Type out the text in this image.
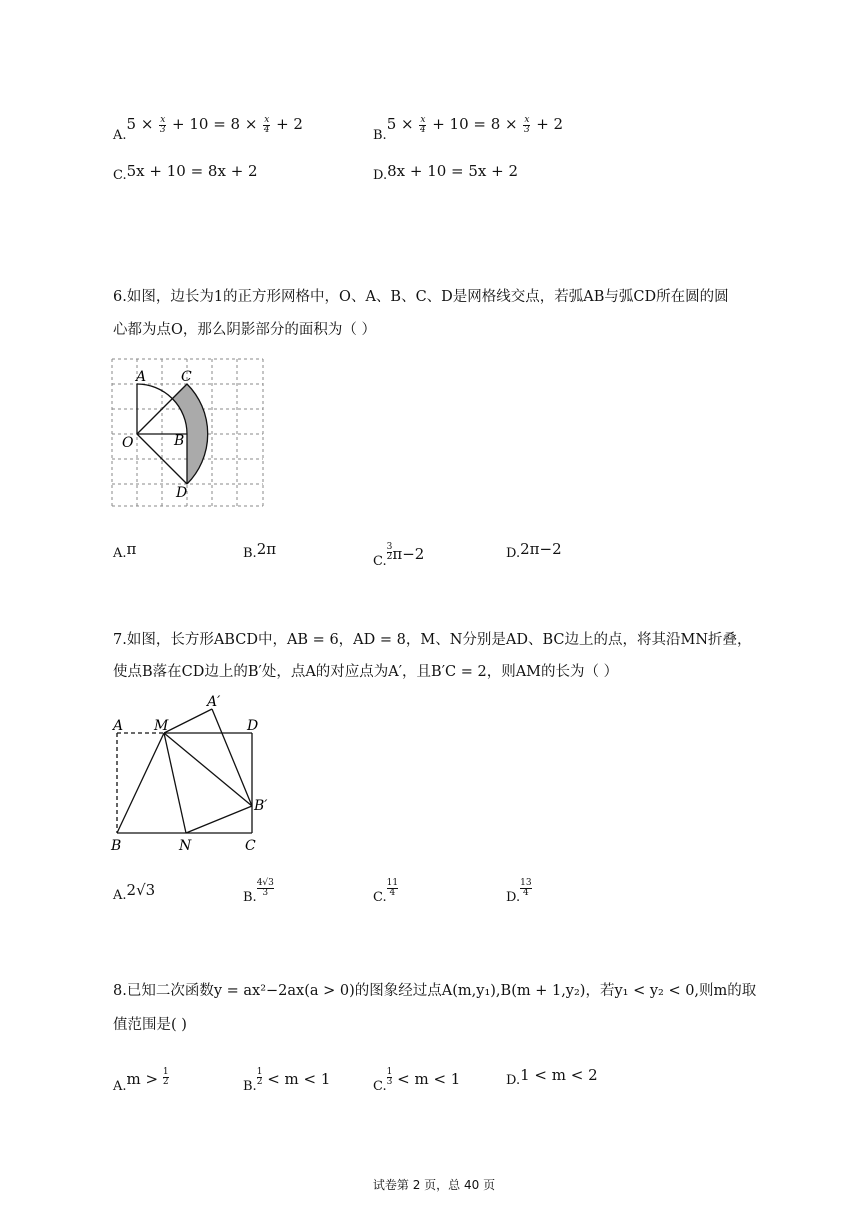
$A.5 \times \frac{x}{3} + 10 = 8 \times \frac{x}{4} + 2$
$B.5 \times \frac{x}{4} + 10 = 8 \times \frac{x}{3} + 2$
C.5x + 10 = 8x + 2	D.8x + 10 = 5x + 2
6.如图，边长为1的正方形网格中，O、A、B、C、D是网格线交点，若弧AB与弧CD所在圆的圆
心都为点O，那么阴影部分的面积为（ ）
A C
O	B
D
A.π	B.2π
C. $\frac{3}{2} \pi-2$	D.2π−2
7.如图，长方形ABCD中，AB = 6，AD = 8，M、N分别是AD、BC边上的点，将其沿MN折叠，
使点B落在CD边上的B′处，点A的对应点为A′，且B′C = 2，则AM的长为（ ）
A M
A′
D
B′
B	N	C
A.2√3	B. $\frac{4√3}{3}$	C. $\frac{11}{4}$	D. $\frac{13}{4}$
8.已知二次函数y = ax²−2ax(a > 0)的图象经过点A(m,y₁),B(m + 1,y₂)，若y₁ < y₂ < 0,则m的取
值范围是( )
$A.m > \frac{1}{2}$	B. $\frac{1}{2} < m < 1$	C. $\frac{1}{3} < m < 1$	D.1 < m < 2
试卷第 2 页，总 40 页
